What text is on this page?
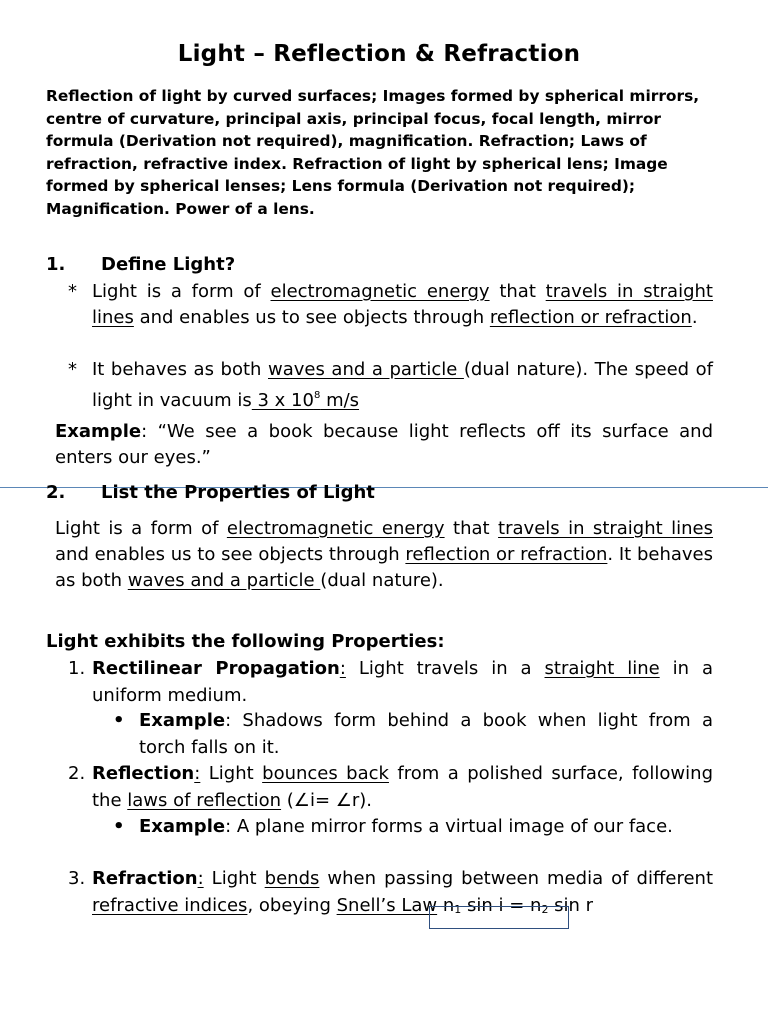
Light – Reflection & Refraction
Reflection of light by curved surfaces; Images formed by spherical mirrors, centre of curvature, principal axis, principal focus, focal length, mirror formula (Derivation not required), magnification. Refraction; Laws of refraction, refractive index. Refraction of light by spherical lens; Image formed by spherical lenses; Lens formula (Derivation not required); Magnification. Power of a lens.
1. Define Light?
* Light is a form of electromagnetic energy that travels in straight lines and enables us to see objects through reflection or refraction.
* It behaves as both waves and a particle (dual nature). The speed of light in vacuum is 3 x $10^8$ m/s
Example: “We see a book because light reflects off its surface and enters our eyes.”
2. List the Properties of Light
Light is a form of electromagnetic energy that travels in straight lines and enables us to see objects through reflection or refraction. It behaves as both waves and a particle (dual nature).
Light exhibits the following Properties:
1. Rectilinear Propagation: Light travels in a straight line in a uniform medium.
• Example: Shadows form behind a book when light from a torch falls on it.
2. Reflection: Light bounces back from a polished surface, following the laws of reflection (∠i= ∠r).
• Example: A plane mirror forms a virtual image of our face.
3. Refraction: Light bends when passing between media of different refractive indices, obeying Snell’s Law $n_1$ $\sin i = n_2$ sin r
